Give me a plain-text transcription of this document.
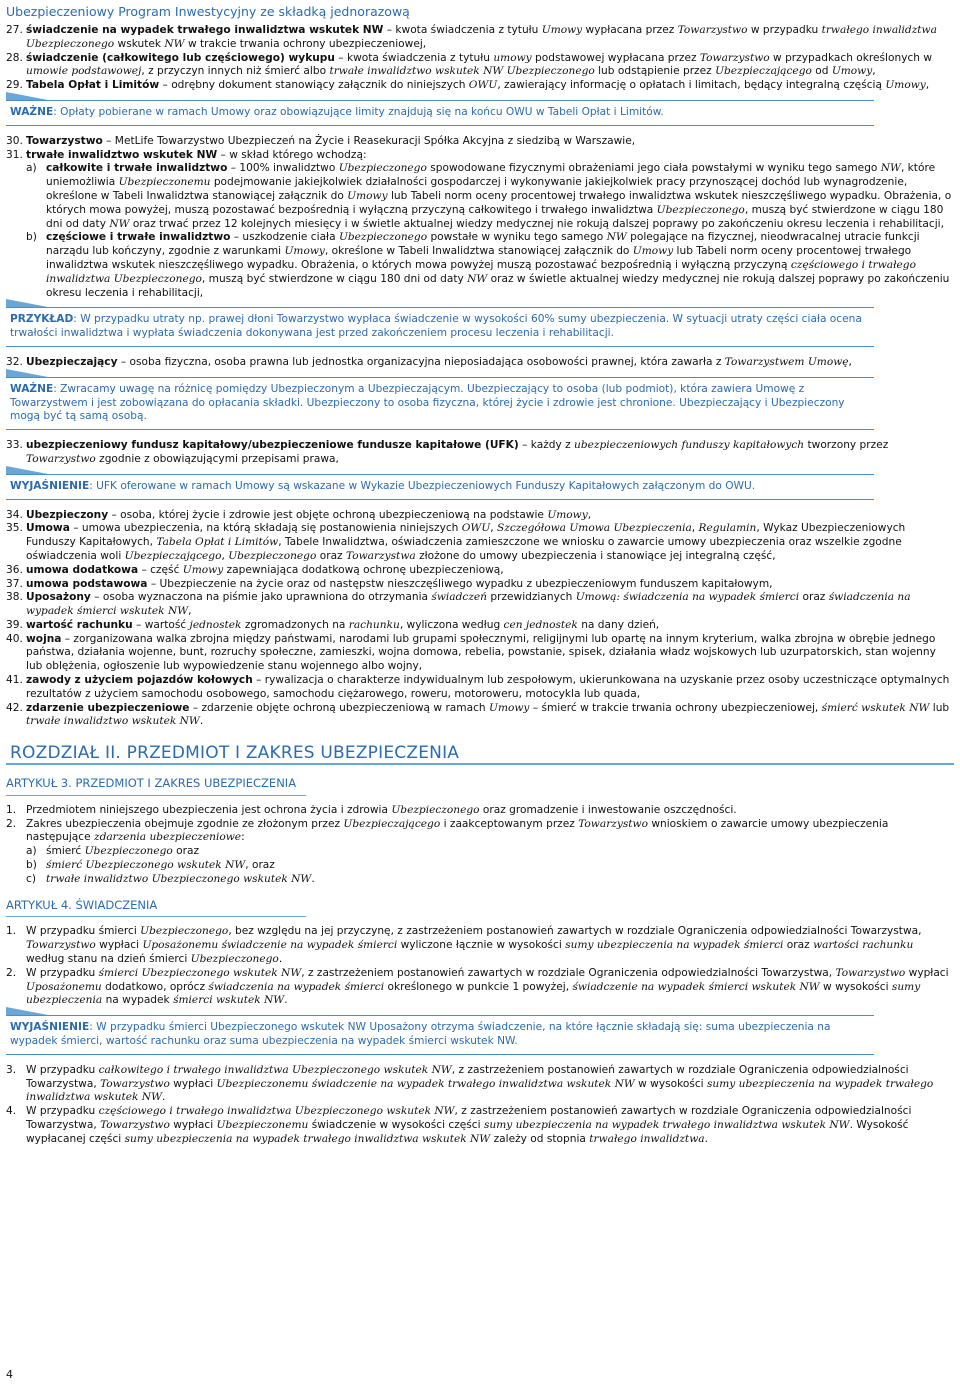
Ubezpieczeniowy Program Inwestycyjny ze składką jednorazową

27. świadczenie na wypadek trwałego inwalidztwa wskutek NW – kwota świadczenia z tytułu Umowy wypłacana przez Towarzystwo w przypadku trwałego inwalidztwa Ubezpieczonego wskutek NW w trakcie trwania ochrony ubezpieczeniowej,

28. świadczenie (całkowitego lub częściowego) wykupu – kwota świadczenia z tytułu umowy podstawowej wypłacana przez Towarzystwo w przypadkach określonych w umowie podstawowej, z przyczyn innych niż śmierć albo trwałe inwalidztwo wskutek NW Ubezpieczonego lub odstąpienie przez Ubezpieczającego od Umowy,

29. Tabela Opłat i Limitów – odrębny dokument stanowiący załącznik do niniejszych OWU, zawierający informację o opłatach i limitach, będący integralną częścią Umowy,

WAŻNE: Opłaty pobierane w ramach Umowy oraz obowiązujące limity znajdują się na końcu OWU w Tabeli Opłat i Limitów.

30. Towarzystwo – MetLife Towarzystwo Ubezpieczeń na Życie i Reasekuracji Spółka Akcyjna z siedzibą w Warszawie,

31. trwałe inwalidztwo wskutek NW – w skład którego wchodzą:

a) całkowite i trwałe inwalidztwo – 100% inwalidztwo Ubezpieczonego spowodowane fizycznymi obrażeniami jego ciała powstałymi w wyniku tego samego NW, które uniemożliwia Ubezpieczonemu podejmowanie jakiejkolwiek działalności gospodarczej i wykonywanie jakiejkolwiek pracy przynoszącej dochód lub wynagrodzenie, określone w Tabeli Inwalidztwa stanowiącej załącznik do Umowy lub Tabeli norm oceny procentowej trwałego inwalidztwa wskutek nieszczęśliwego wypadku. Obrażenia, o których mowa powyżej, muszą pozostawać bezpośrednią i wyłączną przyczyną całkowitego i trwałego inwalidztwa Ubezpieczonego, muszą być stwierdzone w ciągu 180 dni od daty NW oraz trwać przez 12 kolejnych miesięcy i w świetle aktualnej wiedzy medycznej nie rokują dalszej poprawy po zakończeniu okresu leczenia i rehabilitacji,

b) częściowe i trwałe inwalidztwo – uszkodzenie ciała Ubezpieczonego powstałe w wyniku tego samego NW polegające na fizycznej, nieodwracalnej utracie funkcji narządu lub kończyny, zgodnie z warunkami Umowy, określone w Tabeli Inwalidztwa stanowiącej załącznik do Umowy lub Tabeli norm oceny procentowej trwałego inwalidztwa wskutek nieszczęśliwego wypadku. Obrażenia, o których mowa powyżej muszą pozostawać bezpośrednią i wyłączną przyczyną częściowego i trwałego inwalidztwa Ubezpieczonego, muszą być stwierdzone w ciągu 180 dni od daty NW oraz w świetle aktualnej wiedzy medycznej nie rokują dalszej poprawy po zakończeniu okresu leczenia i rehabilitacji,

PRZYKŁAD: W przypadku utraty np. prawej dłoni Towarzystwo wypłaca świadczenie w wysokości 60% sumy ubezpieczenia. W sytuacji utraty części ciała ocena trwałości inwalidztwa i wypłata świadczenia dokonywana jest przed zakończeniem procesu leczenia i rehabilitacji.

32. Ubezpieczający – osoba fizyczna, osoba prawna lub jednostka organizacyjna nieposiadająca osobowości prawnej, która zawarła z Towarzystwem Umowę,

WAŻNE: Zwracamy uwagę na różnicę pomiędzy Ubezpieczonym a Ubezpieczającym. Ubezpieczający to osoba (lub podmiot), która zawiera Umowę z Towarzystwem i jest zobowiązana do opłacania składki. Ubezpieczony to osoba fizyczna, której życie i zdrowie jest chronione. Ubezpieczający i Ubezpieczony mogą być tą samą osobą.

33. ubezpieczeniowy fundusz kapitałowy/ubezpieczeniowe fundusze kapitałowe (UFK) – każdy z ubezpieczeniowych funduszy kapitałowych tworzony przez Towarzystwo zgodnie z obowiązującymi przepisami prawa,

WYJAŚNIENIE: UFK oferowane w ramach Umowy są wskazane w Wykazie Ubezpieczeniowych Funduszy Kapitałowych załączonym do OWU.

34. Ubezpieczony – osoba, której życie i zdrowie jest objęte ochroną ubezpieczeniową na podstawie Umowy,

35. Umowa – umowa ubezpieczenia, na którą składają się postanowienia niniejszych OWU, Szczegółowa Umowa Ubezpieczenia, Regulamin, Wykaz Ubezpieczeniowych Funduszy Kapitałowych, Tabela Opłat i Limitów, Tabele Inwalidztwa, oświadczenia zamieszczone we wniosku o zawarcie umowy ubezpieczenia oraz wszelkie zgodne oświadczenia woli Ubezpieczającego, Ubezpieczonego oraz Towarzystwa złożone do umowy ubezpieczenia i stanowiące jej integralną część,

36. umowa dodatkowa – część Umowy zapewniająca dodatkową ochronę ubezpieczeniową,

37. umowa podstawowa – Ubezpieczenie na życie oraz od następstw nieszczęśliwego wypadku z ubezpieczeniowym funduszem kapitałowym,

38. Uposażony – osoba wyznaczona na piśmie jako uprawniona do otrzymania świadczeń przewidzianych Umową: świadczenia na wypadek śmierci oraz świadczenia na wypadek śmierci wskutek NW,

39. wartość rachunku – wartość jednostek zgromadzonych na rachunku, wyliczona według cen jednostek na dany dzień,

40. wojna – zorganizowana walka zbrojna między państwami, narodami lub grupami społecznymi, religijnymi lub opartę na innym kryterium, walka zbrojna w obrębie jednego państwa, działania wojenne, bunt, rozruchy społeczne, zamieszki, wojna domowa, rebelia, powstanie, spisek, działania władz wojskowych lub uzurpatorskich, stan wojenny lub oblężenia, ogłoszenie lub wypowiedzenie stanu wojennego albo wojny,

41. zawody z użyciem pojazdów kołowych – rywalizacja o charakterze indywidualnym lub zespołowym, ukierunkowana na uzyskanie przez osoby uczestniczące optymalnych rezultatów z użyciem samochodu osobowego, samochodu ciężarowego, roweru, motoroweru, motocykla lub quada,

42. zdarzenie ubezpieczeniowe – zdarzenie objęte ochroną ubezpieczeniową w ramach Umowy – śmierć w trakcie trwania ochrony ubezpieczeniowej, śmierć wskutek NW lub trwałe inwalidztwo wskutek NW.

ROZDZIAŁ II. PRZEDMIOT I ZAKRES UBEZPIECZENIA
ARTYKUŁ 3. PRZEDMIOT I ZAKRES UBEZPIECZENIA

1. Przedmiotem niniejszego ubezpieczenia jest ochrona życia i zdrowia Ubezpieczonego oraz gromadzenie i inwestowanie oszczędności.

2. Zakres ubezpieczenia obejmuje zgodnie ze złożonym przez Ubezpieczającego i zaakceptowanym przez Towarzystwo wnioskiem o zawarcie umowy ubezpieczenia następujące zdarzenia ubezpieczeniowe:

a) śmierć Ubezpieczonego oraz

b) śmierć Ubezpieczonego wskutek NW, oraz

c) trwałe inwalidztwo Ubezpieczonego wskutek NW.

ARTYKUŁ 4. ŚWIADCZENIA

1. W przypadku śmierci Ubezpieczonego, bez względu na jej przyczynę, z zastrzeżeniem postanowień zawartych w rozdziale Ograniczenia odpowiedzialności Towarzystwa, Towarzystwo wypłaci Uposażonemu świadczenie na wypadek śmierci wyliczone łącznie w wysokości sumy ubezpieczenia na wypadek śmierci oraz wartości rachunku według stanu na dzień śmierci Ubezpieczonego.

2. W przypadku śmierci Ubezpieczonego wskutek NW, z zastrzeżeniem postanowień zawartych w rozdziale Ograniczenia odpowiedzialności Towarzystwa, Towarzystwo wypłaci Uposażonemu dodatkowo, oprócz świadczenia na wypadek śmierci określonego w punkcie 1 powyżej, świadczenie na wypadek śmierci wskutek NW w wysokości sumy ubezpieczenia na wypadek śmierci wskutek NW.

WYJAŚNIENIE: W przypadku śmierci Ubezpieczonego wskutek NW Uposażony otrzyma świadczenie, na które łącznie składają się: suma ubezpieczenia na wypadek śmierci, wartość rachunku oraz suma ubezpieczenia na wypadek śmierci wskutek NW.

3. W przypadku całkowitego i trwałego inwalidztwa Ubezpieczonego wskutek NW, z zastrzeżeniem postanowień zawartych w rozdziale Ograniczenia odpowiedzialności Towarzystwa, Towarzystwo wypłaci Ubezpieczonemu świadczenie na wypadek trwałego inwalidztwa wskutek NW w wysokości sumy ubezpieczenia na wypadek trwałego inwalidztwa wskutek NW.

4. W przypadku częściowego i trwałego inwalidztwa Ubezpieczonego wskutek NW, z zastrzeżeniem postanowień zawartych w rozdziale Ograniczenia odpowiedzialności Towarzystwa, Towarzystwo wypłaci Ubezpieczonemu świadczenie w wysokości części sumy ubezpieczenia na wypadek trwałego inwalidztwa wskutek NW. Wysokość wypłacanej części sumy ubezpieczenia na wypadek trwałego inwalidztwa wskutek NW zależy od stopnia trwałego inwalidztwa.

4
